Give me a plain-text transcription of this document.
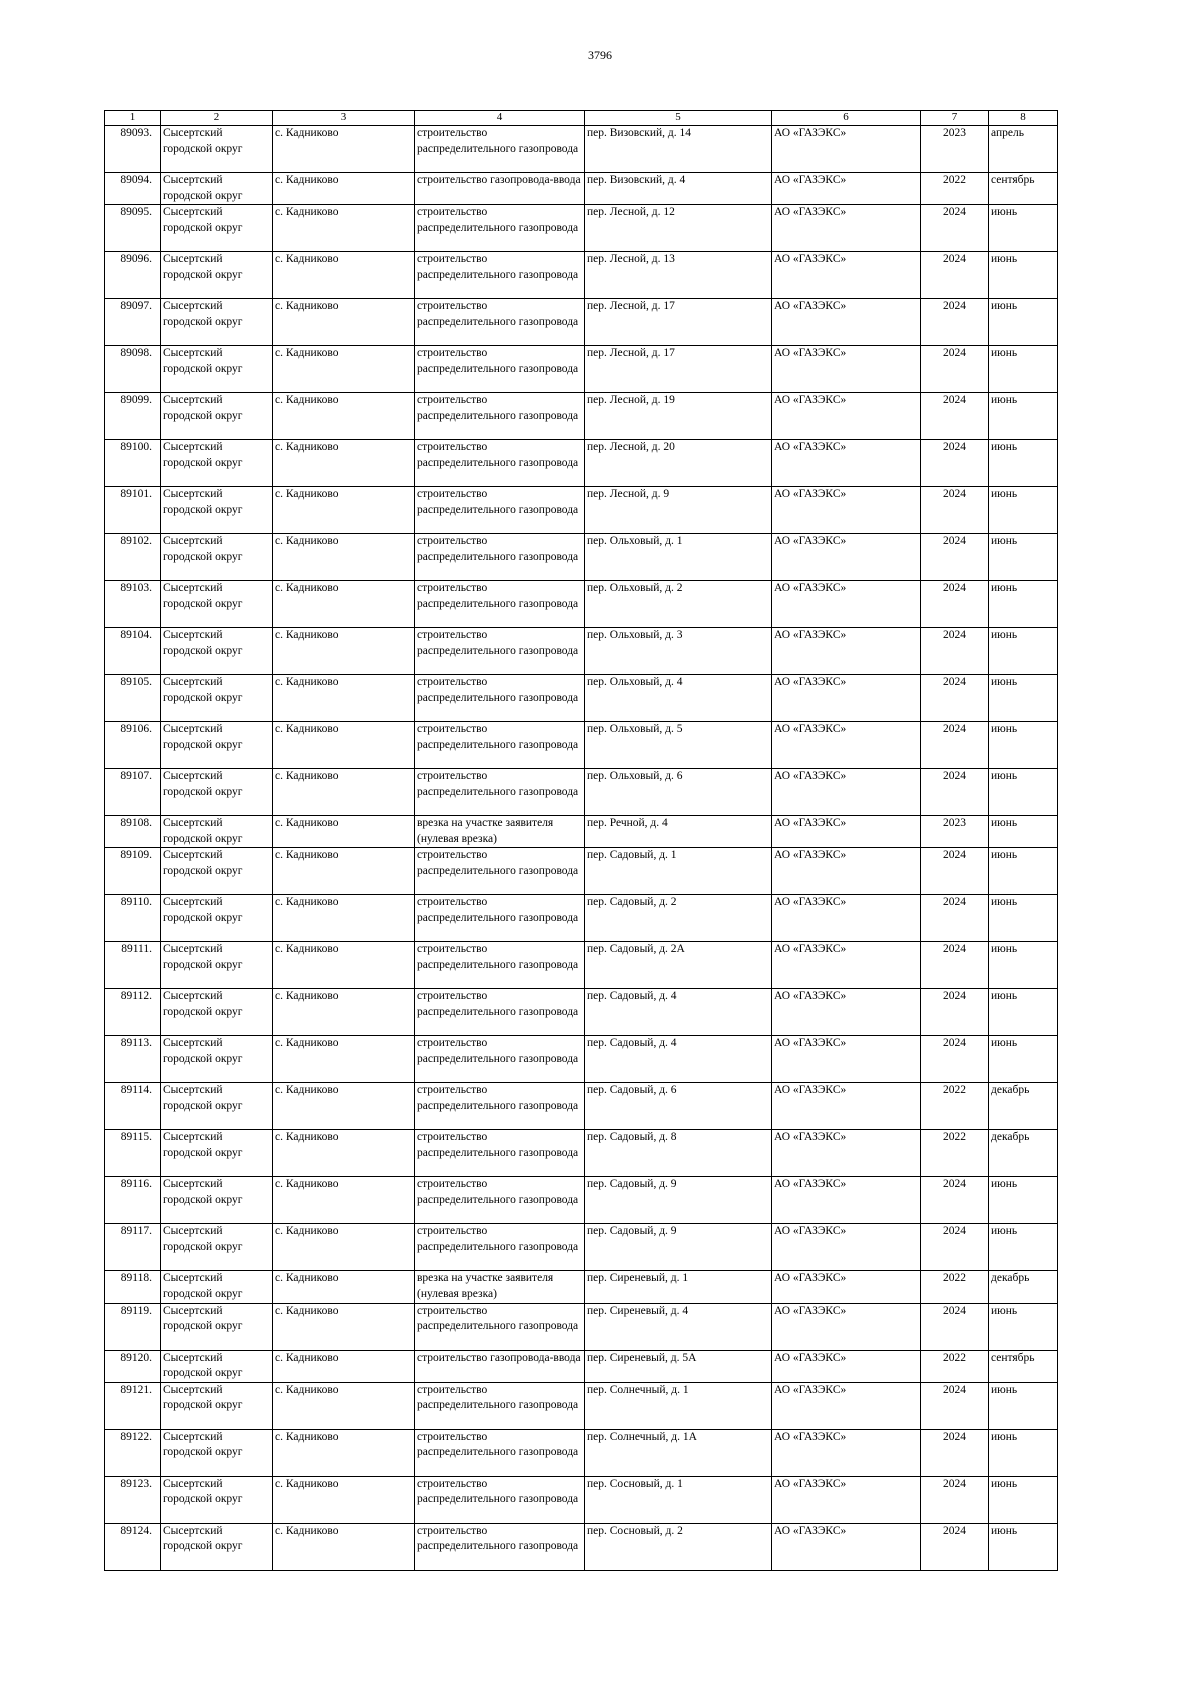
3796
1	2	3	4	5	6	7	8
89093.	Сысертский городской округ	с. Кадниково	строительство распределительного газопровода	пер. Визовский, д. 14	АО «ГАЗЭКС»	2023	апрель
89094.	Сысертский городской округ	с. Кадниково	строительство газопровода-ввода	пер. Визовский, д. 4	АО «ГАЗЭКС»	2022	сентябрь
89095.	Сысертский городской округ	с. Кадниково	строительство распределительного газопровода	пер. Лесной, д. 12	АО «ГАЗЭКС»	2024	июнь
89096.	Сысертский городской округ	с. Кадниково	строительство распределительного газопровода	пер. Лесной, д. 13	АО «ГАЗЭКС»	2024	июнь
89097.	Сысертский городской округ	с. Кадниково	строительство распределительного газопровода	пер. Лесной, д. 17	АО «ГАЗЭКС»	2024	июнь
89098.	Сысертский городской округ	с. Кадниково	строительство распределительного газопровода	пер. Лесной, д. 17	АО «ГАЗЭКС»	2024	июнь
89099.	Сысертский городской округ	с. Кадниково	строительство распределительного газопровода	пер. Лесной, д. 19	АО «ГАЗЭКС»	2024	июнь
89100.	Сысертский городской округ	с. Кадниково	строительство распределительного газопровода	пер. Лесной, д. 20	АО «ГАЗЭКС»	2024	июнь
89101.	Сысертский городской округ	с. Кадниково	строительство распределительного газопровода	пер. Лесной, д. 9	АО «ГАЗЭКС»	2024	июнь
89102.	Сысертский городской округ	с. Кадниково	строительство распределительного газопровода	пер. Ольховый, д. 1	АО «ГАЗЭКС»	2024	июнь
89103.	Сысертский городской округ	с. Кадниково	строительство распределительного газопровода	пер. Ольховый, д. 2	АО «ГАЗЭКС»	2024	июнь
89104.	Сысертский городской округ	с. Кадниково	строительство распределительного газопровода	пер. Ольховый, д. 3	АО «ГАЗЭКС»	2024	июнь
89105.	Сысертский городской округ	с. Кадниково	строительство распределительного газопровода	пер. Ольховый, д. 4	АО «ГАЗЭКС»	2024	июнь
89106.	Сысертский городской округ	с. Кадниково	строительство распределительного газопровода	пер. Ольховый, д. 5	АО «ГАЗЭКС»	2024	июнь
89107.	Сысертский городской округ	с. Кадниково	строительство распределительного газопровода	пер. Ольховый, д. 6	АО «ГАЗЭКС»	2024	июнь
89108.	Сысертский городской округ	с. Кадниково	врезка на участке заявителя (нулевая врезка)	пер. Речной, д. 4	АО «ГАЗЭКС»	2023	июнь
89109.	Сысертский городской округ	с. Кадниково	строительство распределительного газопровода	пер. Садовый, д. 1	АО «ГАЗЭКС»	2024	июнь
89110.	Сысертский городской округ	с. Кадниково	строительство распределительного газопровода	пер. Садовый, д. 2	АО «ГАЗЭКС»	2024	июнь
89111.	Сысертский городской округ	с. Кадниково	строительство распределительного газопровода	пер. Садовый, д. 2А	АО «ГАЗЭКС»	2024	июнь
89112.	Сысертский городской округ	с. Кадниково	строительство распределительного газопровода	пер. Садовый, д. 4	АО «ГАЗЭКС»	2024	июнь
89113.	Сысертский городской округ	с. Кадниково	строительство распределительного газопровода	пер. Садовый, д. 4	АО «ГАЗЭКС»	2024	июнь
89114.	Сысертский городской округ	с. Кадниково	строительство распределительного газопровода	пер. Садовый, д. 6	АО «ГАЗЭКС»	2022	декабрь
89115.	Сысертский городской округ	с. Кадниково	строительство распределительного газопровода	пер. Садовый, д. 8	АО «ГАЗЭКС»	2022	декабрь
89116.	Сысертский городской округ	с. Кадниково	строительство распределительного газопровода	пер. Садовый, д. 9	АО «ГАЗЭКС»	2024	июнь
89117.	Сысертский городской округ	с. Кадниково	строительство распределительного газопровода	пер. Садовый, д. 9	АО «ГАЗЭКС»	2024	июнь
89118.	Сысертский городской округ	с. Кадниково	врезка на участке заявителя (нулевая врезка)	пер. Сиреневый, д. 1	АО «ГАЗЭКС»	2022	декабрь
89119.	Сысертский городской округ	с. Кадниково	строительство распределительного газопровода	пер. Сиреневый, д. 4	АО «ГАЗЭКС»	2024	июнь
89120.	Сысертский городской округ	с. Кадниково	строительство газопровода-ввода	пер. Сиреневый, д. 5А	АО «ГАЗЭКС»	2022	сентябрь
89121.	Сысертский городской округ	с. Кадниково	строительство распределительного газопровода	пер. Солнечный, д. 1	АО «ГАЗЭКС»	2024	июнь
89122.	Сысертский городской округ	с. Кадниково	строительство распределительного газопровода	пер. Солнечный, д. 1А	АО «ГАЗЭКС»	2024	июнь
89123.	Сысертский городской округ	с. Кадниково	строительство распределительного газопровода	пер. Сосновый, д. 1	АО «ГАЗЭКС»	2024	июнь
89124.	Сысертский городской округ	с. Кадниково	строительство распределительного газопровода	пер. Сосновый, д. 2	АО «ГАЗЭКС»	2024	июнь
